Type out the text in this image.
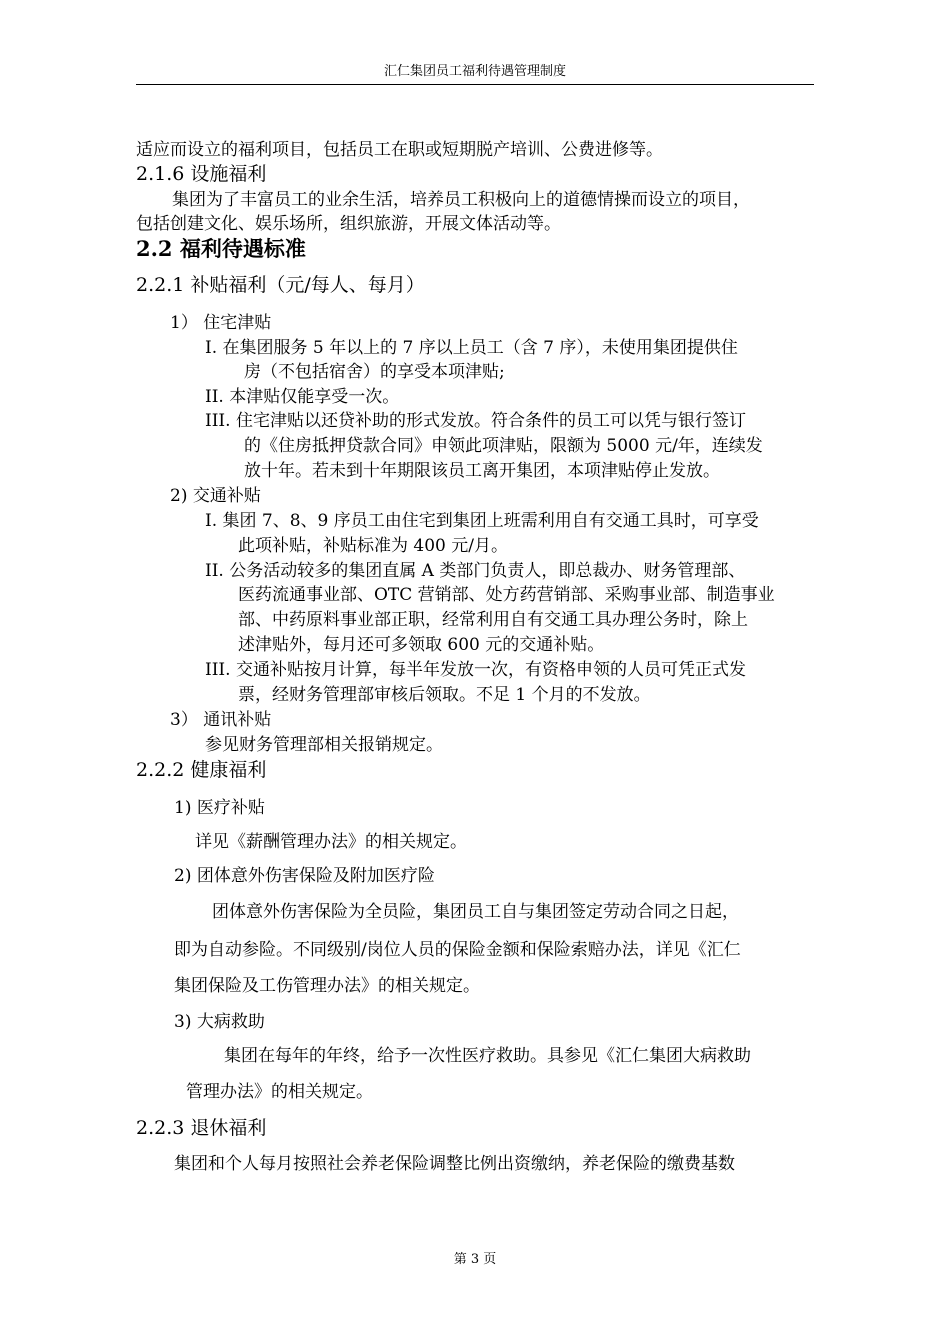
汇仁集团员工福利待遇管理制度
适应而设立的福利项目，包括员工在职或短期脱产培训、公费进修等。
2.1.6 设施福利
集团为了丰富员工的业余生活，培养员工积极向上的道德情操而设立的项目，
包括创建文化、娱乐场所，组织旅游，开展文体活动等。
2.2 福利待遇标准
2.2.1 补贴福利（元/每人、每月）
1） 住宅津贴
I. 在集团服务 5 年以上的 7 序以上员工（含 7 序），未使用集团提供住
房（不包括宿舍）的享受本项津贴;
II. 本津贴仅能享受一次。
III. 住宅津贴以还贷补助的形式发放。符合条件的员工可以凭与银行签订
的《住房抵押贷款合同》申领此项津贴，限额为 5000 元/年，连续发
放十年。若未到十年期限该员工离开集团，本项津贴停止发放。
2) 交通补贴
I. 集团 7、8、9 序员工由住宅到集团上班需利用自有交通工具时，可享受
此项补贴，补贴标准为 400 元/月。
II. 公务活动较多的集团直属 A 类部门负责人，即总裁办、财务管理部、
医药流通事业部、OTC 营销部、处方药营销部、采购事业部、制造事业
部、中药原料事业部正职，经常利用自有交通工具办理公务时，除上
述津贴外，每月还可多领取 600 元的交通补贴。
III. 交通补贴按月计算，每半年发放一次，有资格申领的人员可凭正式发
票，经财务管理部审核后领取。不足 1 个月的不发放。
3） 通讯补贴
参见财务管理部相关报销规定。
2.2.2 健康福利
1) 医疗补贴
详见《薪酬管理办法》的相关规定。
2) 团体意外伤害保险及附加医疗险
团体意外伤害保险为全员险，集团员工自与集团签定劳动合同之日起，
即为自动参险。不同级别/岗位人员的保险金额和保险索赔办法，详见《汇仁
集团保险及工伤管理办法》的相关规定。
3) 大病救助
集团在每年的年终，给予一次性医疗救助。具参见《汇仁集团大病救助
管理办法》的相关规定。
2.2.3 退休福利
集团和个人每月按照社会养老保险调整比例出资缴纳，养老保险的缴费基数
第 3 页
